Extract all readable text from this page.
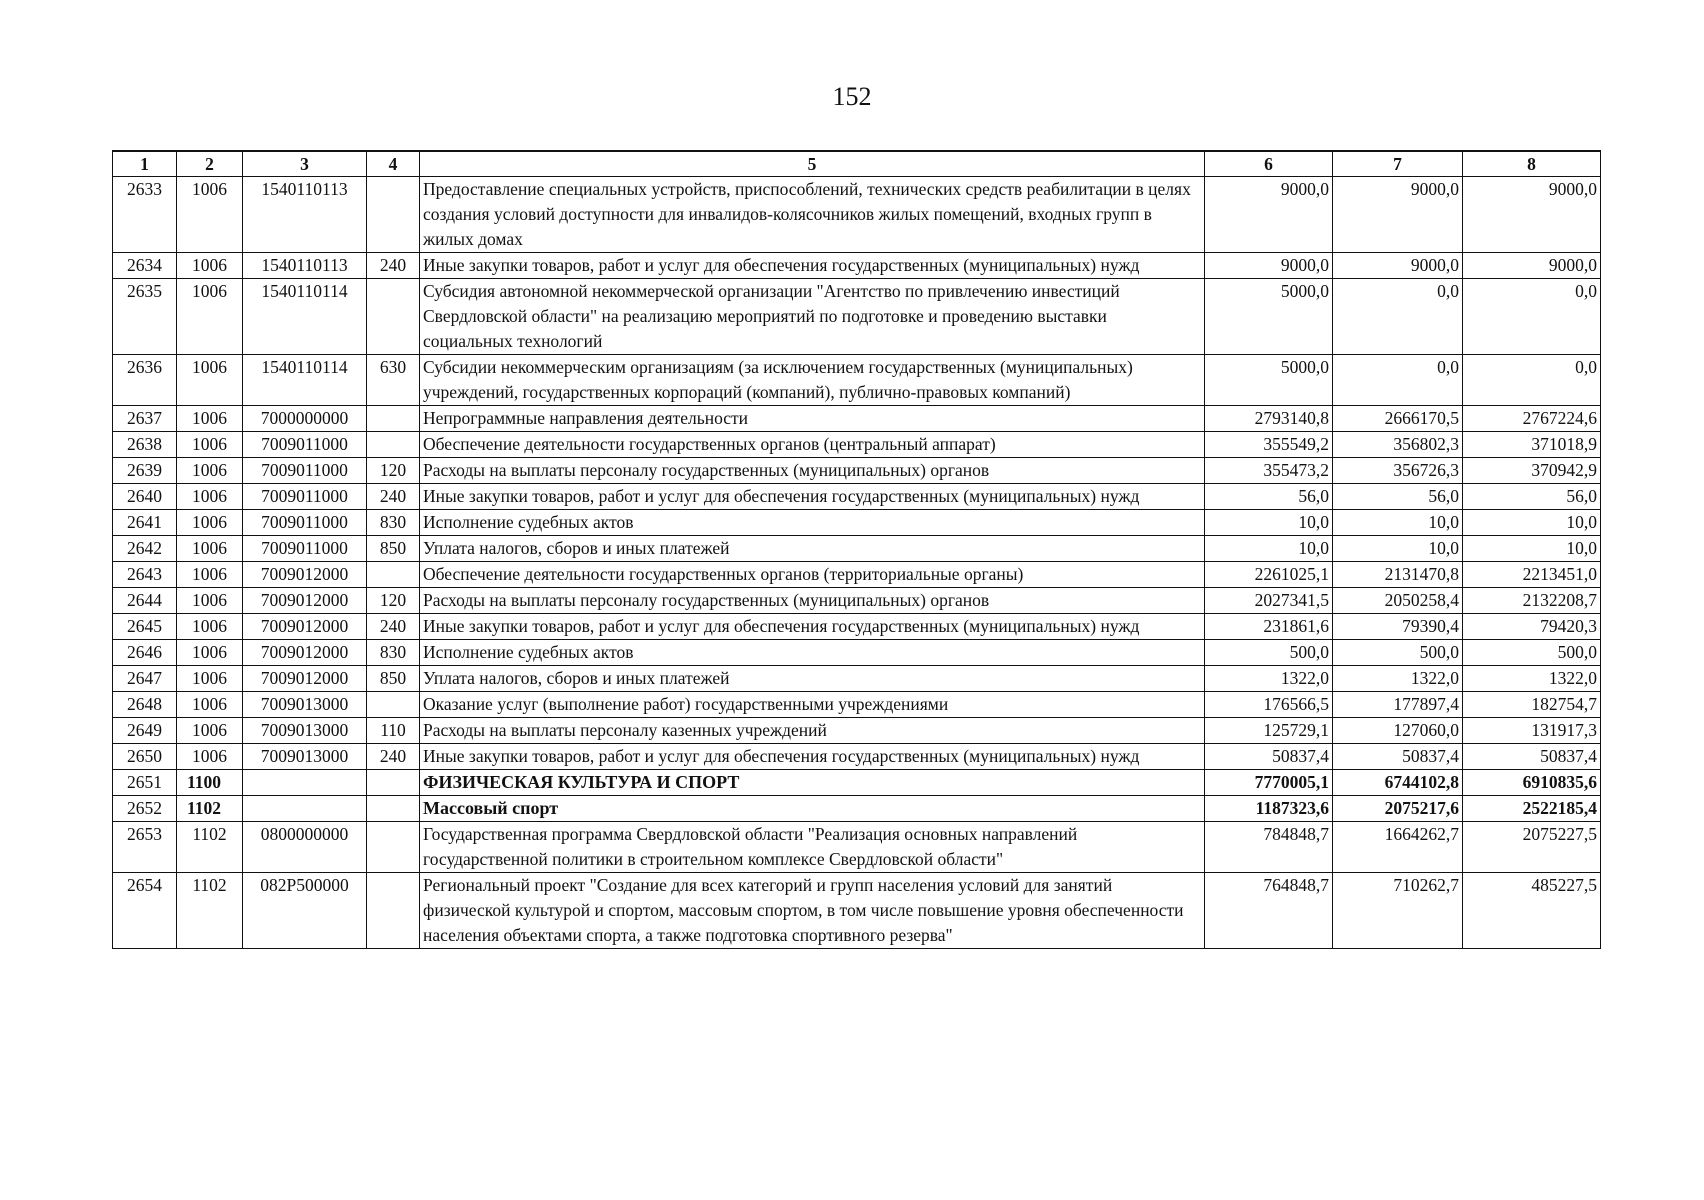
152
1	2	3	4	5	6	7	8
2633	1006	1540110113		Предоставление специальных устройств, приспособлений, технических средств реабилитации в целях создания условий доступности для инвалидов-колясочников жилых помещений, входных групп в жилых домах	9000,0	9000,0	9000,0
2634	1006	1540110113	240	Иные закупки товаров, работ и услуг для обеспечения государственных (муниципальных) нужд	9000,0	9000,0	9000,0
2635	1006	1540110114		Субсидия автономной некоммерческой организации "Агентство по привлечению инвестиций Свердловской области" на реализацию мероприятий по подготовке и проведению выставки социальных технологий	5000,0	0,0	0,0
2636	1006	1540110114	630	Субсидии некоммерческим организациям (за исключением государственных (муниципальных) учреждений, государственных корпораций (компаний), публично-правовых компаний)	5000,0	0,0	0,0
2637	1006	7000000000		Непрограммные направления деятельности	2793140,8	2666170,5	2767224,6
2638	1006	7009011000		Обеспечение деятельности государственных органов (центральный аппарат)	355549,2	356802,3	371018,9
2639	1006	7009011000	120	Расходы на выплаты персоналу государственных (муниципальных) органов	355473,2	356726,3	370942,9
2640	1006	7009011000	240	Иные закупки товаров, работ и услуг для обеспечения государственных (муниципальных) нужд	56,0	56,0	56,0
2641	1006	7009011000	830	Исполнение судебных актов	10,0	10,0	10,0
2642	1006	7009011000	850	Уплата налогов, сборов и иных платежей	10,0	10,0	10,0
2643	1006	7009012000		Обеспечение деятельности государственных органов (территориальные органы)	2261025,1	2131470,8	2213451,0
2644	1006	7009012000	120	Расходы на выплаты персоналу государственных (муниципальных) органов	2027341,5	2050258,4	2132208,7
2645	1006	7009012000	240	Иные закупки товаров, работ и услуг для обеспечения государственных (муниципальных) нужд	231861,6	79390,4	79420,3
2646	1006	7009012000	830	Исполнение судебных актов	500,0	500,0	500,0
2647	1006	7009012000	850	Уплата налогов, сборов и иных платежей	1322,0	1322,0	1322,0
2648	1006	7009013000		Оказание услуг (выполнение работ) государственными учреждениями	176566,5	177897,4	182754,7
2649	1006	7009013000	110	Расходы на выплаты персоналу казенных учреждений	125729,1	127060,0	131917,3
2650	1006	7009013000	240	Иные закупки товаров, работ и услуг для обеспечения государственных (муниципальных) нужд	50837,4	50837,4	50837,4
2651	1100			ФИЗИЧЕСКАЯ КУЛЬТУРА И СПОРТ	7770005,1	6744102,8	6910835,6
2652	1102			Массовый спорт	1187323,6	2075217,6	2522185,4
2653	1102	0800000000		Государственная программа Свердловской области "Реализация основных направлений государственной политики в строительном комплексе Свердловской области"	784848,7	1664262,7	2075227,5
2654	1102	082P500000		Региональный проект "Создание для всех категорий и групп населения условий для занятий физической культурой и спортом, массовым спортом, в том числе повышение уровня обеспеченности населения объектами спорта, а также подготовка спортивного резерва"	764848,7	710262,7	485227,5
